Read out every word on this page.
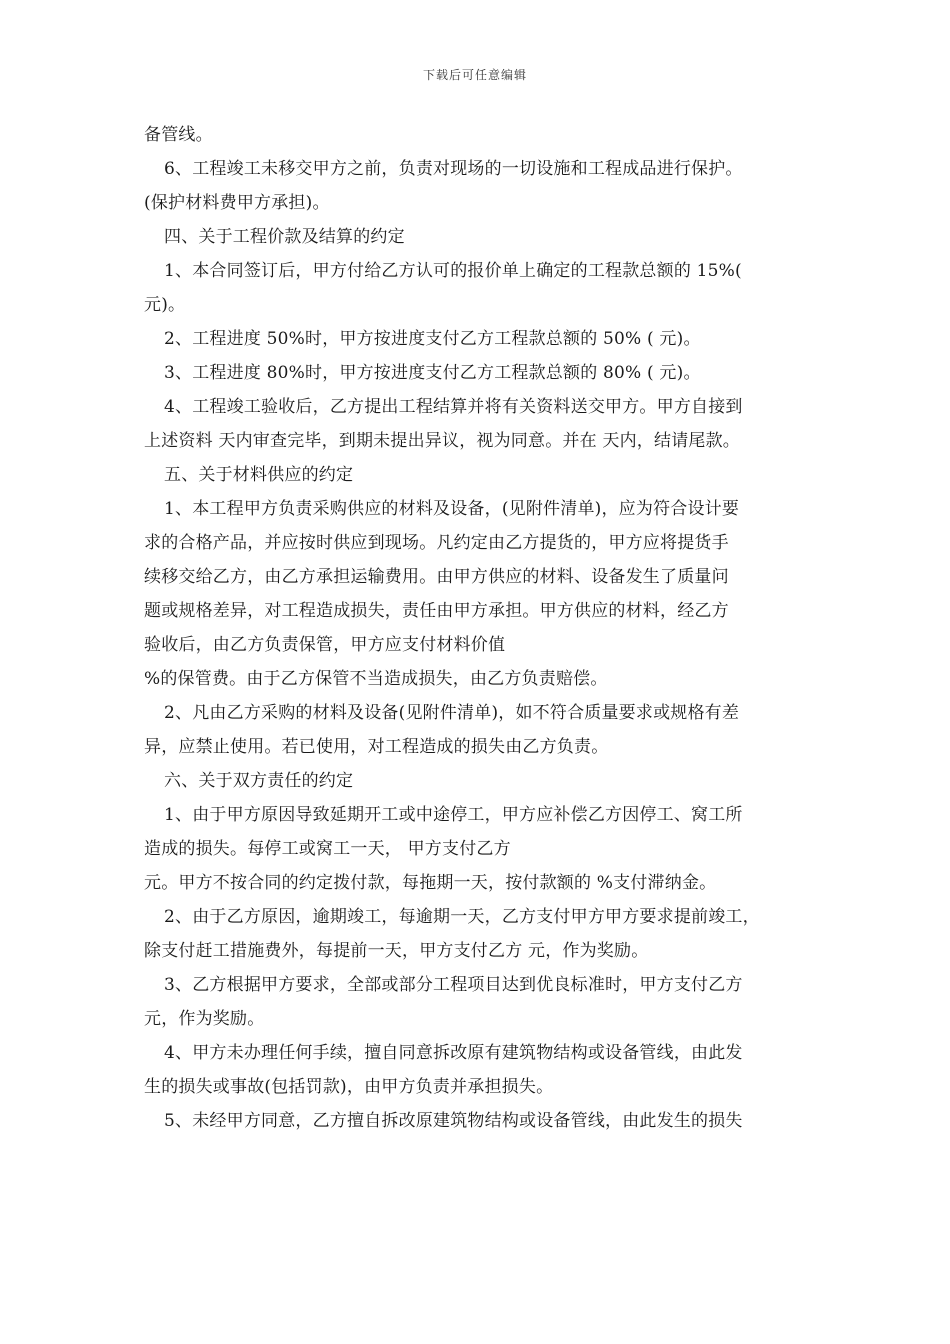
下载后可任意编辑
备管线。
6、工程竣工未移交甲方之前，负责对现场的一切设施和工程成品进行保护。
(保护材料费甲方承担)。
四、关于工程价款及结算的约定
1、本合同签订后，甲方付给乙方认可的报价单上确定的工程款总额的 15%(
元)。
2、工程进度 50%时，甲方按进度支付乙方工程款总额的 50% ( 元)。
3、工程进度 80%时，甲方按进度支付乙方工程款总额的 80% ( 元)。
4、工程竣工验收后，乙方提出工程结算并将有关资料送交甲方。甲方自接到
上述资料 天内审查完毕，到期未提出异议，视为同意。并在 天内，结请尾款。
五、关于材料供应的约定
1、本工程甲方负责采购供应的材料及设备，(见附件清单)，应为符合设计要
求的合格产品，并应按时供应到现场。凡约定由乙方提货的，甲方应将提货手
续移交给乙方，由乙方承担运输费用。由甲方供应的材料、设备发生了质量问
题或规格差异，对工程造成损失，责任由甲方承担。甲方供应的材料，经乙方
验收后，由乙方负责保管，甲方应支付材料价值
%的保管费。由于乙方保管不当造成损失，由乙方负责赔偿。
2、凡由乙方采购的材料及设备(见附件清单)，如不符合质量要求或规格有差
异，应禁止使用。若已使用，对工程造成的损失由乙方负责。
六、关于双方责任的约定
1、由于甲方原因导致延期开工或中途停工，甲方应补偿乙方因停工、窝工所
造成的损失。每停工或窝工一天， 甲方支付乙方
元。甲方不按合同的约定拨付款，每拖期一天，按付款额的 %支付滞纳金。
2、由于乙方原因，逾期竣工，每逾期一天，乙方支付甲方甲方要求提前竣工，
除支付赶工措施费外，每提前一天，甲方支付乙方 元，作为奖励。
3、乙方根据甲方要求，全部或部分工程项目达到优良标准时，甲方支付乙方
元，作为奖励。
4、甲方未办理任何手续，擅自同意拆改原有建筑物结构或设备管线，由此发
生的损失或事故(包括罚款)，由甲方负责并承担损失。
5、未经甲方同意，乙方擅自拆改原建筑物结构或设备管线，由此发生的损失
